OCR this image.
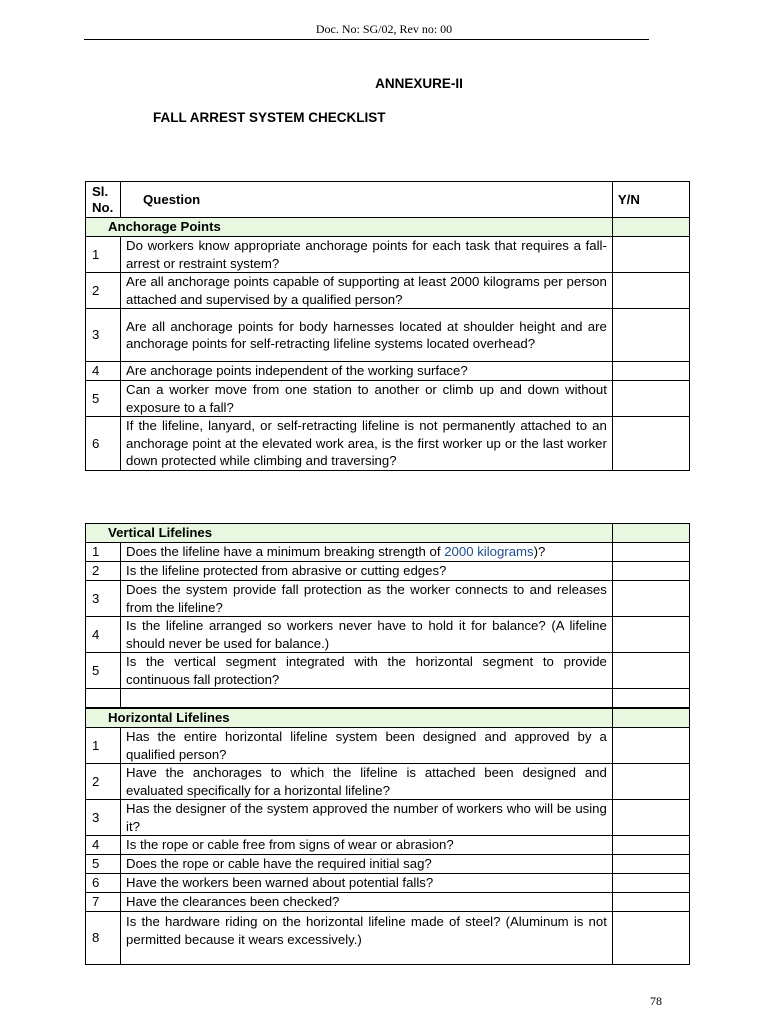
Doc. No: SG/02, Rev no: 00
ANNEXURE-II
FALL ARREST SYSTEM CHECKLIST
Sl. No.	Question	Y/N
Anchorage Points		
1	Do workers know appropriate anchorage points for each task that requires a fall- arrest or restraint system?	
2	Are all anchorage points capable of supporting at least 2000 kilograms per person attached and supervised by a qualified person?	
3	Are all anchorage points for body harnesses located at shoulder height and are anchorage points for self-retracting lifeline systems located overhead?	
4	Are anchorage points independent of the working surface?	
5	Can a worker move from one station to another or climb up and down without exposure to a fall?	
6	If the lifeline, lanyard, or self-retracting lifeline is not permanently attached to an anchorage point at the elevated work area, is the first worker up or the last worker down protected while climbing and traversing?	
Vertical Lifelines		
1	Does the lifeline have a minimum breaking strength of 2000 kilograms)?	
2	Is the lifeline protected from abrasive or cutting edges?	
3	Does the system provide fall protection as the worker connects to and releases from the lifeline?	
4	Is the lifeline arranged so workers never have to hold it for balance? (A lifeline should never be used for balance.)	
5	Is the vertical segment integrated with the horizontal segment to provide continuous fall protection?	

Horizontal Lifelines		
1	Has the entire horizontal lifeline system been designed and approved by a qualified person?	
2	Have the anchorages to which the lifeline is attached been designed and evaluated specifically for a horizontal lifeline?	
3	Has the designer of the system approved the number of workers who will be using it?	
4	Is the rope or cable free from signs of wear or abrasion?	
5	Does the rope or cable have the required initial sag?	
6	Have the workers been warned about potential falls?	
7	Have the clearances been checked?	
8	Is the hardware riding on the horizontal lifeline made of steel? (Aluminum is not permitted because it wears excessively.)	
78
